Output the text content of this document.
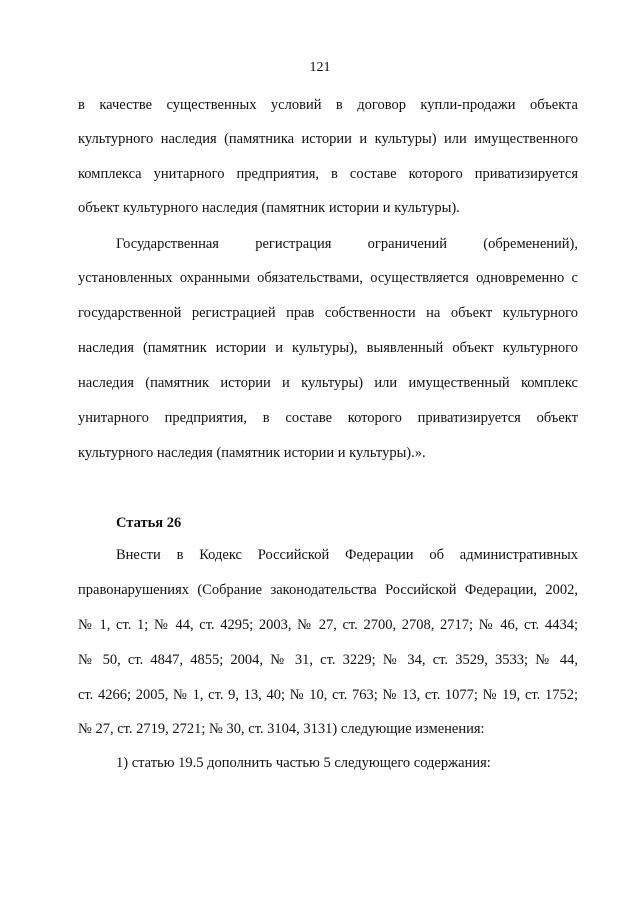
121
в качестве существенных условий в договор купли-продажи объекта
культурного наследия (памятника истории и культуры) или имущественного
комплекса унитарного предприятия, в составе которого приватизируется
объект культурного наследия (памятник истории и культуры).
Государственная регистрация ограничений (обременений),
установленных охранными обязательствами, осуществляется одновременно с
государственной регистрацией прав собственности на объект культурного
наследия (памятник истории и культуры), выявленный объект культурного
наследия (памятник истории и культуры) или имущественный комплекс
унитарного предприятия, в составе которого приватизируется объект
культурного наследия (памятник истории и культуры).».
Статья 26
Внести в Кодекс Российской Федерации об административных
правонарушениях (Собрание законодательства Российской Федерации, 2002,
№ 1, ст. 1; № 44, ст. 4295; 2003, № 27, ст. 2700, 2708, 2717; № 46, ст. 4434;
№ 50, ст. 4847, 4855; 2004, № 31, ст. 3229; № 34, ст. 3529, 3533; № 44,
ст. 4266; 2005, № 1, ст. 9, 13, 40; № 10, ст. 763; № 13, ст. 1077; № 19, ст. 1752;
№ 27, ст. 2719, 2721; № 30, ст. 3104, 3131) следующие изменения:
1) статью 19.5 дополнить частью 5 следующего содержания:
